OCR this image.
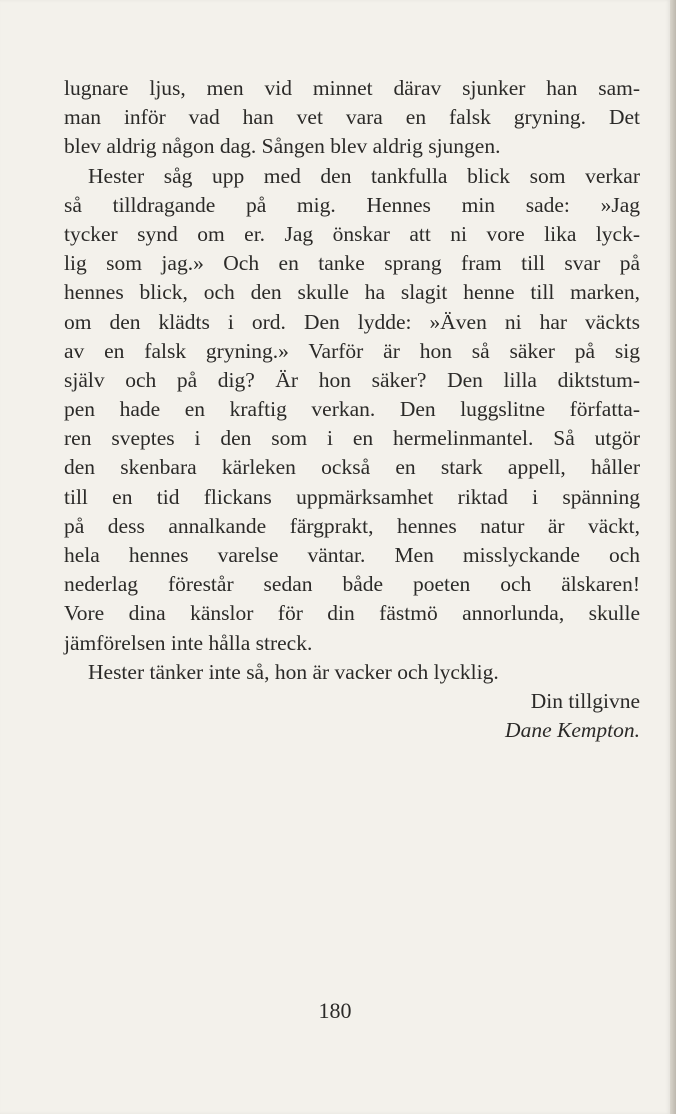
lugnare ljus, men vid minnet därav sjunker han sam-
man inför vad han vet vara en falsk gryning. Det
blev aldrig någon dag. Sången blev aldrig sjungen.
Hester såg upp med den tankfulla blick som verkar
så tilldragande på mig. Hennes min sade: »Jag
tycker synd om er. Jag önskar att ni vore lika lyck-
lig som jag.» Och en tanke sprang fram till svar på
hennes blick, och den skulle ha slagit henne till marken,
om den klädts i ord. Den lydde: »Även ni har väckts
av en falsk gryning.» Varför är hon så säker på sig
själv och på dig? Är hon säker? Den lilla diktstum-
pen hade en kraftig verkan. Den luggslitne författa-
ren sveptes i den som i en hermelinmantel. Så utgör
den skenbara kärleken också en stark appell, håller
till en tid flickans uppmärksamhet riktad i spänning
på dess annalkande färgprakt, hennes natur är väckt,
hela hennes varelse väntar. Men misslyckande och
nederlag förestår sedan både poeten och älskaren!
Vore dina känslor för din fästmö annorlunda, skulle
jämförelsen inte hålla streck.
Hester tänker inte så, hon är vacker och lycklig.
Din tillgivne
Dane Kempton.
180
